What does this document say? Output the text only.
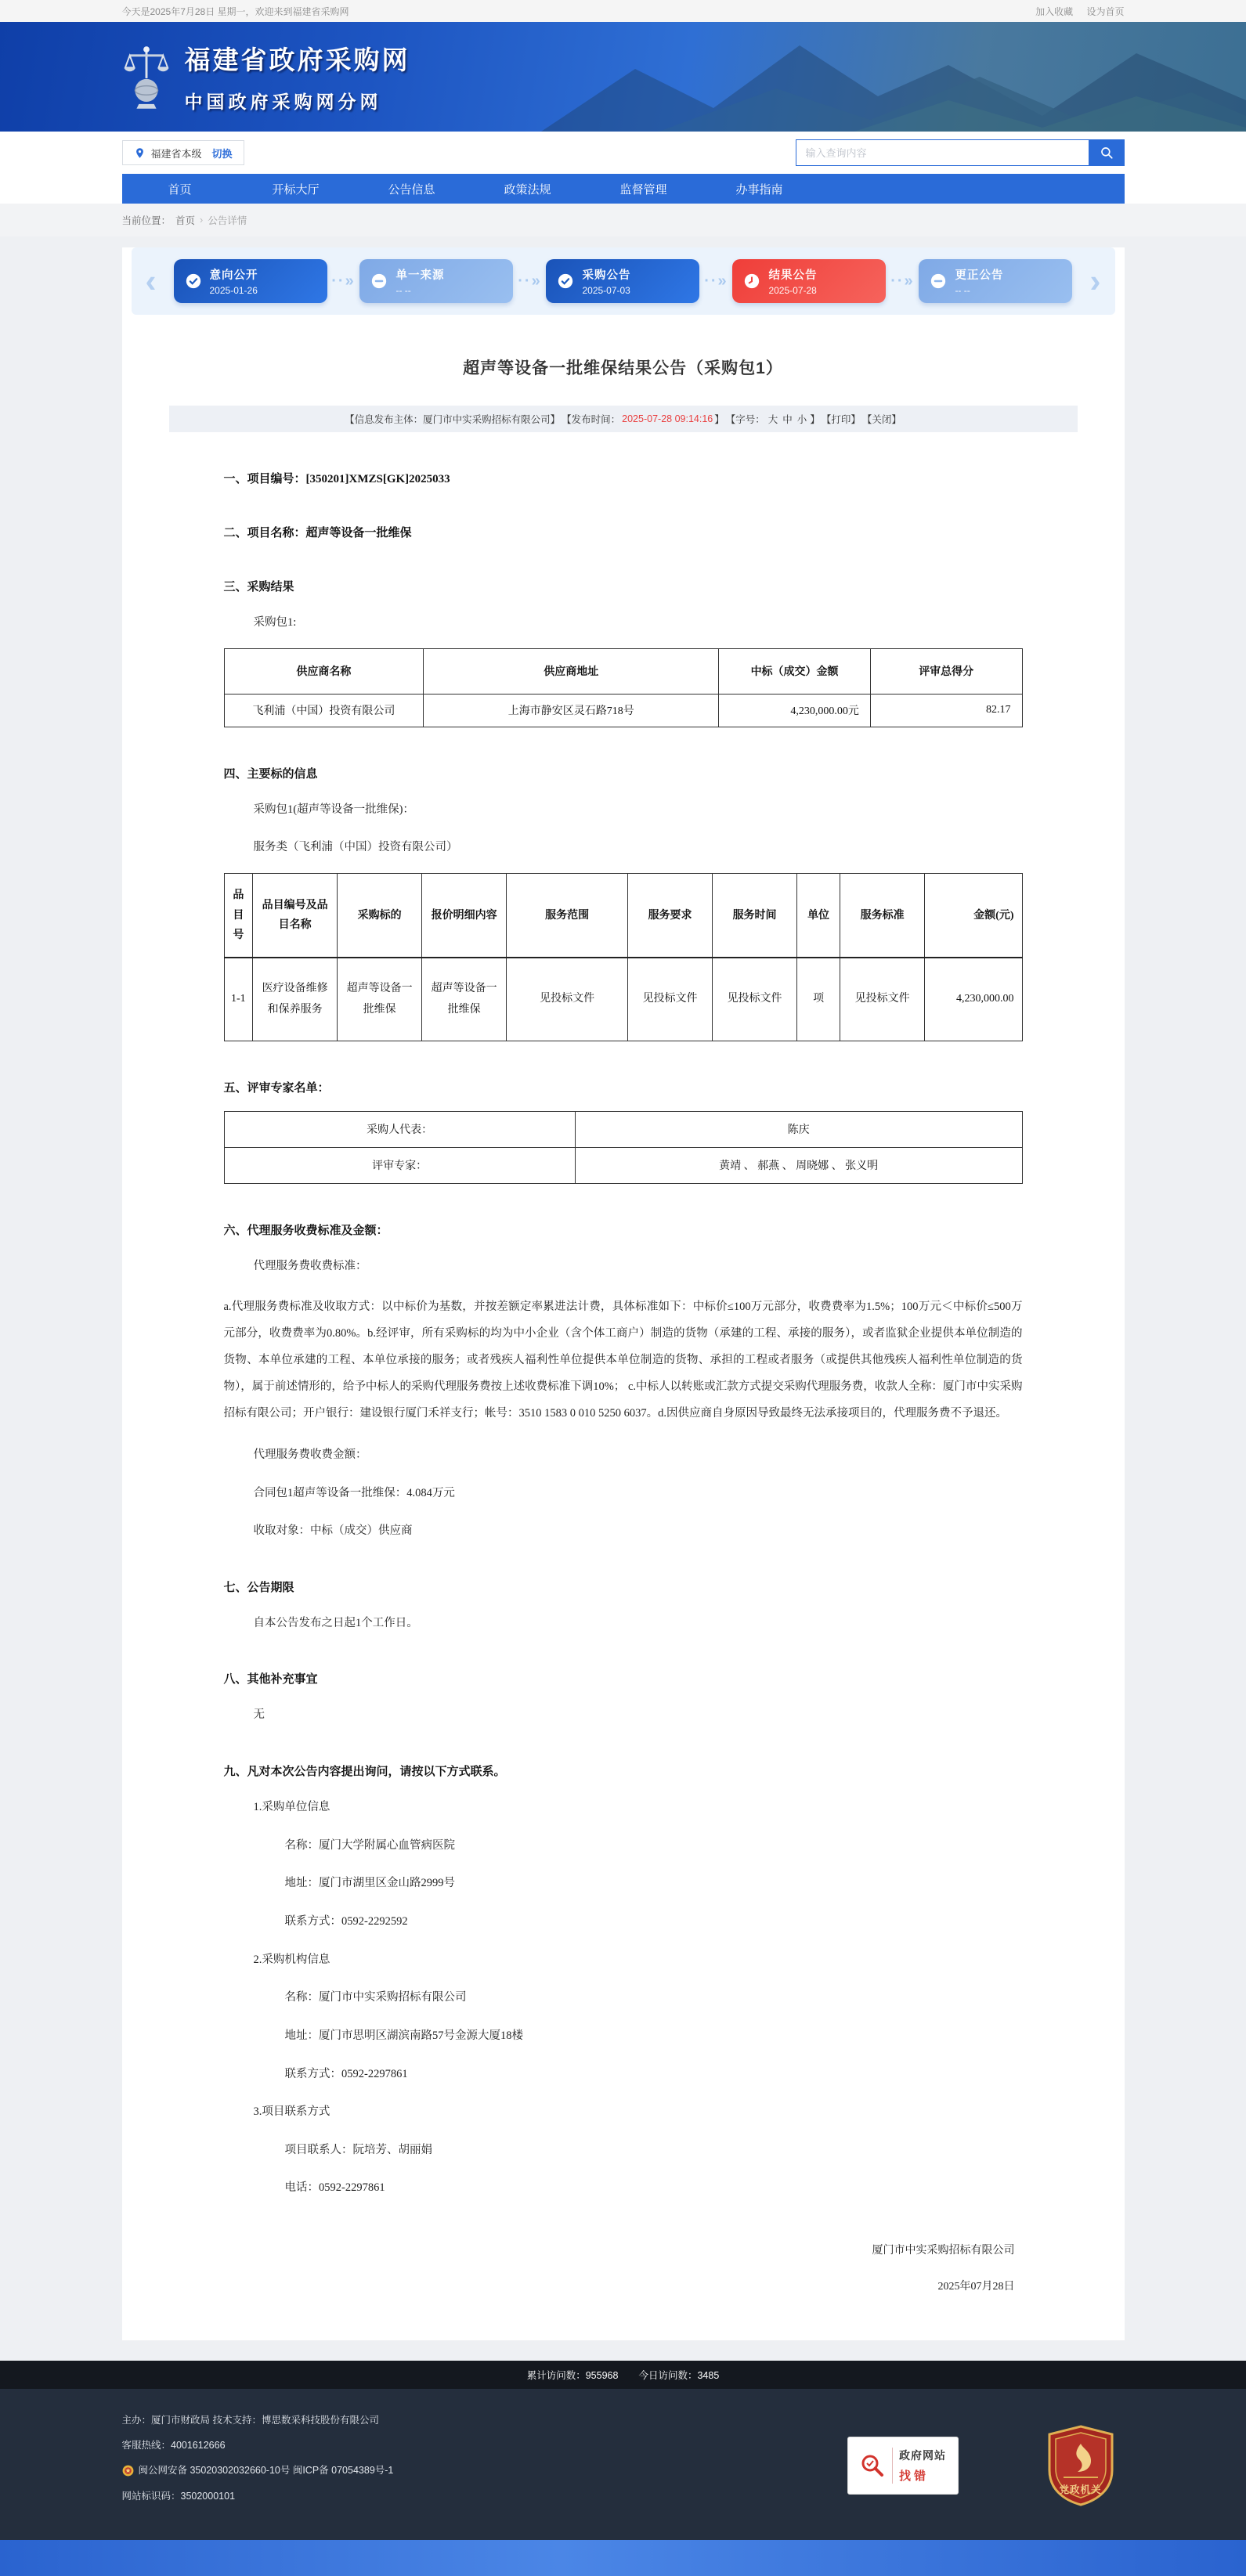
今天是2025年7月28日 星期一，欢迎来到福建省采购网	加入收藏 设为首页
福建省政府采购网
中国政府采购网分网
福建省本级 切换
输入查询内容
首页	开标大厅	公告信息	政策法规	监督管理	办事指南
当前位置： 首页 › 公告详情
‹	意向公开
2025-01-26
··»
单一来源
-- --
··»
采购公告
2025-07-03
··»
结果公告
2025-07-28
··»
更正公告
-- --	›
超声等设备一批维保结果公告（采购包1）
【信息发布主体：厦门市中实采购招标有限公司】 【发布时间： 2025-07-28 09:14:16 】 【字号： 大 中 小 】 【打印】 【关闭】
一、项目编号：[350201]XMZS[GK]2025033
二、项目名称：超声等设备一批维保
三、采购结果
采购包1:
供应商名称	供应商地址	中标（成交）金额	评审总得分
飞利浦（中国）投资有限公司	上海市静安区灵石路718号	4,230,000.00元	82.17
四、主要标的信息
采购包1(超声等设备一批维保)：
服务类（飞利浦（中国）投资有限公司）
品目号	品目编号及品目名称	采购标的	报价明细内容	服务范围	服务要求	服务时间	单位	服务标准	金额(元)
1-1	医疗设备维修和保养服务	超声等设备一批维保	超声等设备一批维保	见投标文件	见投标文件	见投标文件	项	见投标文件	4,230,000.00
五、评审专家名单：
采购人代表：	陈庆
评审专家：	黄靖 、 郝燕 、 周晓娜 、 张义明
六、代理服务收费标准及金额：
代理服务费收费标准：
a.代理服务费标准及收取方式：以中标价为基数，并按差额定率累进法计费，具体标准如下：中标价≤100万元部分，收费费率为1.5%；100万元＜中标价≤500万元部分，收费费率为0.80%。b.经评审，所有采购标的均为中小企业（含个体工商户）制造的货物（承建的工程、承接的服务），或者监狱企业提供本单位制造的货物、本单位承建的工程、本单位承接的服务；或者残疾人福利性单位提供本单位制造的货物、承担的工程或者服务（或提供其他残疾人福利性单位制造的货物），属于前述情形的，给予中标人的采购代理服务费按上述收费标准下调10%； c.中标人以转账或汇款方式提交采购代理服务费，收款人全称：厦门市中实采购招标有限公司；开户银行：建设银行厦门禾祥支行；帐号：3510 1583 0 010 5250 6037。d.因供应商自身原因导致最终无法承接项目的，代理服务费不予退还。
代理服务费收费金额：
合同包1超声等设备一批维保：4.084万元
收取对象：中标（成交）供应商
七、公告期限
自本公告发布之日起1个工作日。
八、其他补充事宜
无
九、凡对本次公告内容提出询问，请按以下方式联系。
1.采购单位信息
名称：厦门大学附属心血管病医院
地址：厦门市湖里区金山路2999号
联系方式：0592-2292592
2.采购机构信息
名称：厦门市中实采购招标有限公司
地址：厦门市思明区湖滨南路57号金源大厦18楼
联系方式：0592-2297861
3.项目联系方式
项目联系人：阮培芳、胡丽娟
电话：0592-2297861
厦门市中实采购招标有限公司
2025年07月28日
累计访问数：955968 今日访问数：3485
主办：厦门市财政局 技术支持：博思数采科技股份有限公司
客服热线：4001612666
闽公网安备 35020302032660-10号 闽ICP备 07054389号-1
网站标识码：3502000101
政府网站
找错
党政机关
